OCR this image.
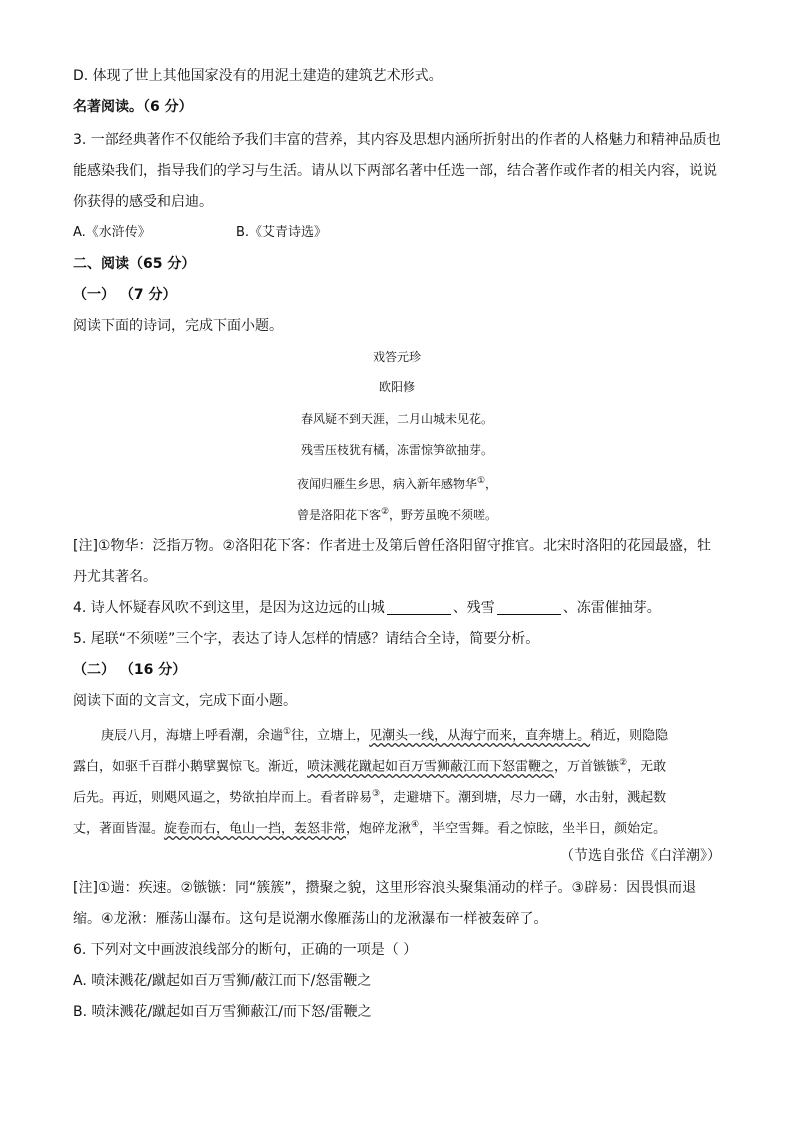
D. 体现了世上其他国家没有的用泥土建造的建筑艺术形式。
名著阅读。（6 分）
3. 一部经典著作不仅能给予我们丰富的营养，其内容及思想内涵所折射出的作者的人格魅力和精神品质也
能感染我们，指导我们的学习与生活。请从以下两部名著中任选一部，结合著作或作者的相关内容，说说
你获得的感受和启迪。
A.《水浒传》	B.《艾青诗选》
二、阅读（65 分）
（一） （7 分）
阅读下面的诗词，完成下面小题。
戏答元珍
欧阳修
春风疑不到天涯，二月山城未见花。
残雪压枝犹有橘，冻雷惊笋欲抽芽。
夜闻归雁生乡思，病入新年感物华①，
曾是洛阳花下客②，野芳虽晚不须嗟。
[注]①物华：泛指万物。②洛阳花下客：作者进士及第后曾任洛阳留守推官。北宋时洛阳的花园最盛，牡
丹尤其著名。
4. 诗人怀疑春风吹不到这里，是因为这边远的山城	、残雪	、冻雷催抽芽。
5. 尾联“不须嗟”三个字，表达了诗人怎样的情感？请结合全诗，简要分析。
（二） （16 分）
阅读下面的文言文，完成下面小题。
庚辰八月，海塘上呼看潮，余遄①往，立塘上，见潮头一线，从海宁而来，直奔塘上。稍近，则隐隐
露白，如驱千百群小鹅擘翼惊飞。渐近，喷沫溅花蹴起如百万雪狮蔽江而下怒雷鞭之，万首镞镞②，无敢
后先。再近，则飓风逼之，势欲拍岸而上。看者辟易③，走避塘下。潮到塘，尽力一礴，水击射，溅起数
丈，著面皆湿。旋卷而右，龟山一挡，轰怒非常，炮碎龙湫④，半空雪舞。看之惊眩，坐半日，颜始定。
（节选自张岱《白洋潮》）
[注]①遄：疾速。②镞镞：同“簇簇”，攒聚之貌，这里形容浪头聚集涌动的样子。③辟易：因畏惧而退
缩。④龙湫：雁荡山瀑布。这句是说潮水像雁荡山的龙湫瀑布一样被轰碎了。
6. 下列对文中画波浪线部分的断句，正确的一项是（ ）
A. 喷沫溅花/蹴起如百万雪狮/蔽江而下/怒雷鞭之
B. 喷沫溅花/蹴起如百万雪狮蔽江/而下怒/雷鞭之
